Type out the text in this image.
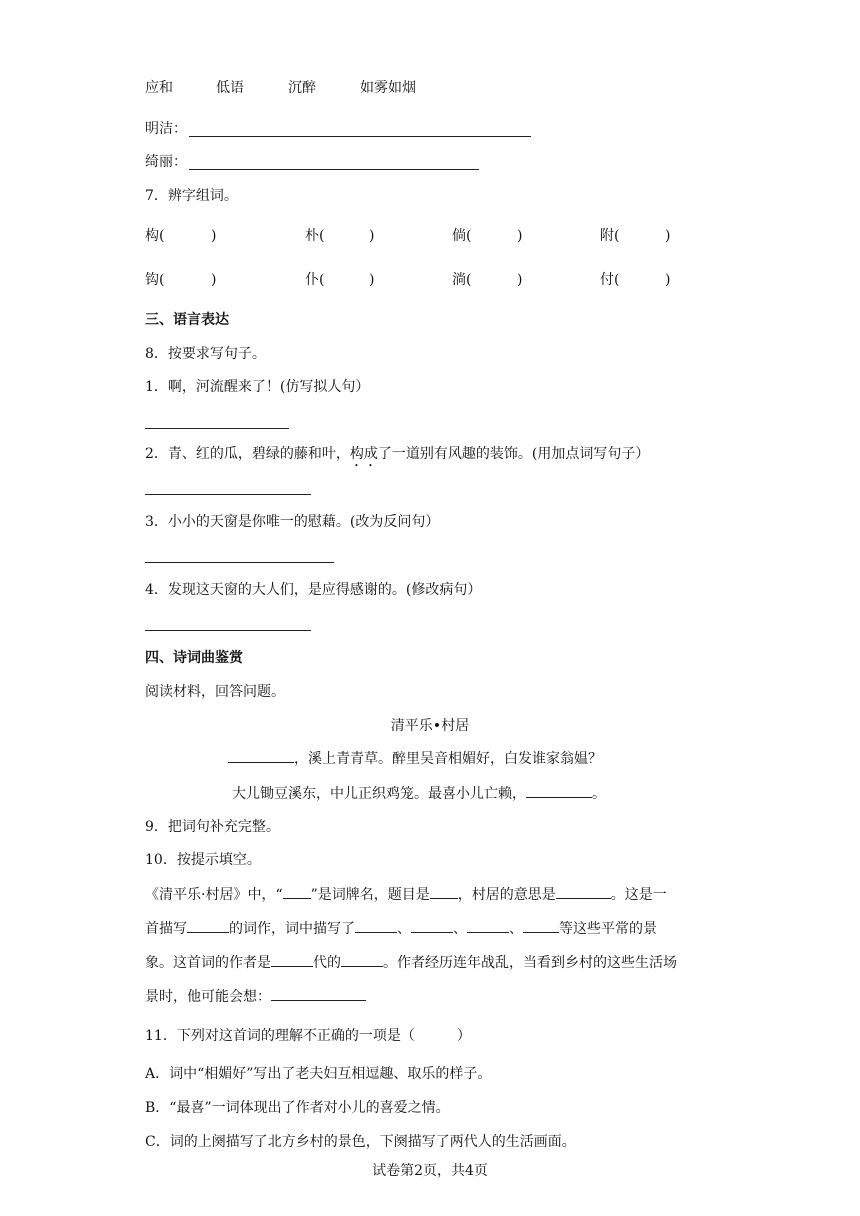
应和	低语	沉醉	如雾如烟
明洁：
绮丽：
7．辨字组词。
构(	)	朴(	)	倘(	)	附(	)
钩(	)	仆(	)	淌(	)	付(	)
三、语言表达
8．按要求写句子。
1．啊，河流醒来了！(仿写拟人句）
2．青、红的瓜，碧绿的藤和叶，构成了一道别有风趣的装饰。(用加点词写句子）
3．小小的天窗是你唯一的慰藉。(改为反问句）
4．发现这天窗的大人们，是应得感谢的。(修改病句）
四、诗词曲鉴赏
阅读材料，回答问题。
清平乐•村居
，溪上青青草。醉里吴音相媚好，白发谁家翁媪？
大儿锄豆溪东，中儿正织鸡笼。最喜小儿亡赖，	。
9．把词句补充完整。
10．按提示填空。
《清平乐·村居》中，“ ”是词牌名，题目是 ，村居的意思是	。这是一
首描写	的词作，词中描写了	、	、	、	等这些平常的景
象。这首词的作者是	代的	。作者经历连年战乱，当看到乡村的这些生活场
景时，他可能会想：
11．下列对这首词的理解不正确的一项是（　　　）
A．词中“相媚好”写出了老夫妇互相逗趣、取乐的样子。
B．“最喜”一词体现出了作者对小儿的喜爱之情。
C．词的上阕描写了北方乡村的景色，下阕描写了两代人的生活画面。
试卷第2页，共4页
